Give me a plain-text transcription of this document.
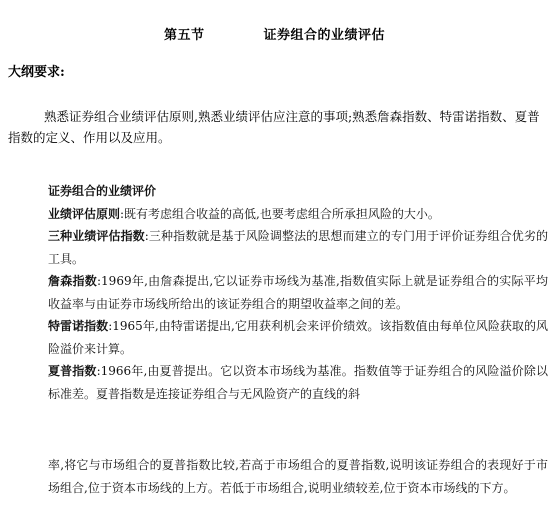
第五节	证券组合的业绩评估
大纲要求:
熟悉证券组合业绩评估原则,熟悉业绩评估应注意的事项;熟悉詹森指数、特雷诺指数、夏普指数的定义、作用以及应用。

证券组合的业绩评价

业绩评估原则:既有考虑组合收益的高低,也要考虑组合所承担风险的大小。

三种业绩评估指数:三种指数就是基于风险调整法的思想而建立的专门用于评价证券组合优劣的工具。

詹森指数:1969年,由詹森提出,它以证券市场线为基准,指数值实际上就是证券组合的实际平均收益率与由证券市场线所给出的该证券组合的期望收益率之间的差。

特雷诺指数:1965年,由特雷诺提出,它用获利机会来评价绩效。该指数值由每单位风险获取的风险溢价来计算。

夏普指数:1966年,由夏普提出。它以资本市场线为基准。指数值等于证券组合的风险溢价除以标准差。夏普指数是连接证券组合与无风险资产的直线的斜

率,将它与市场组合的夏普指数比较,若高于市场组合的夏普指数,说明该证券组合的表现好于市场组合,位于资本市场线的上方。若低于市场组合,说明业绩较差,位于资本市场线的下方。
